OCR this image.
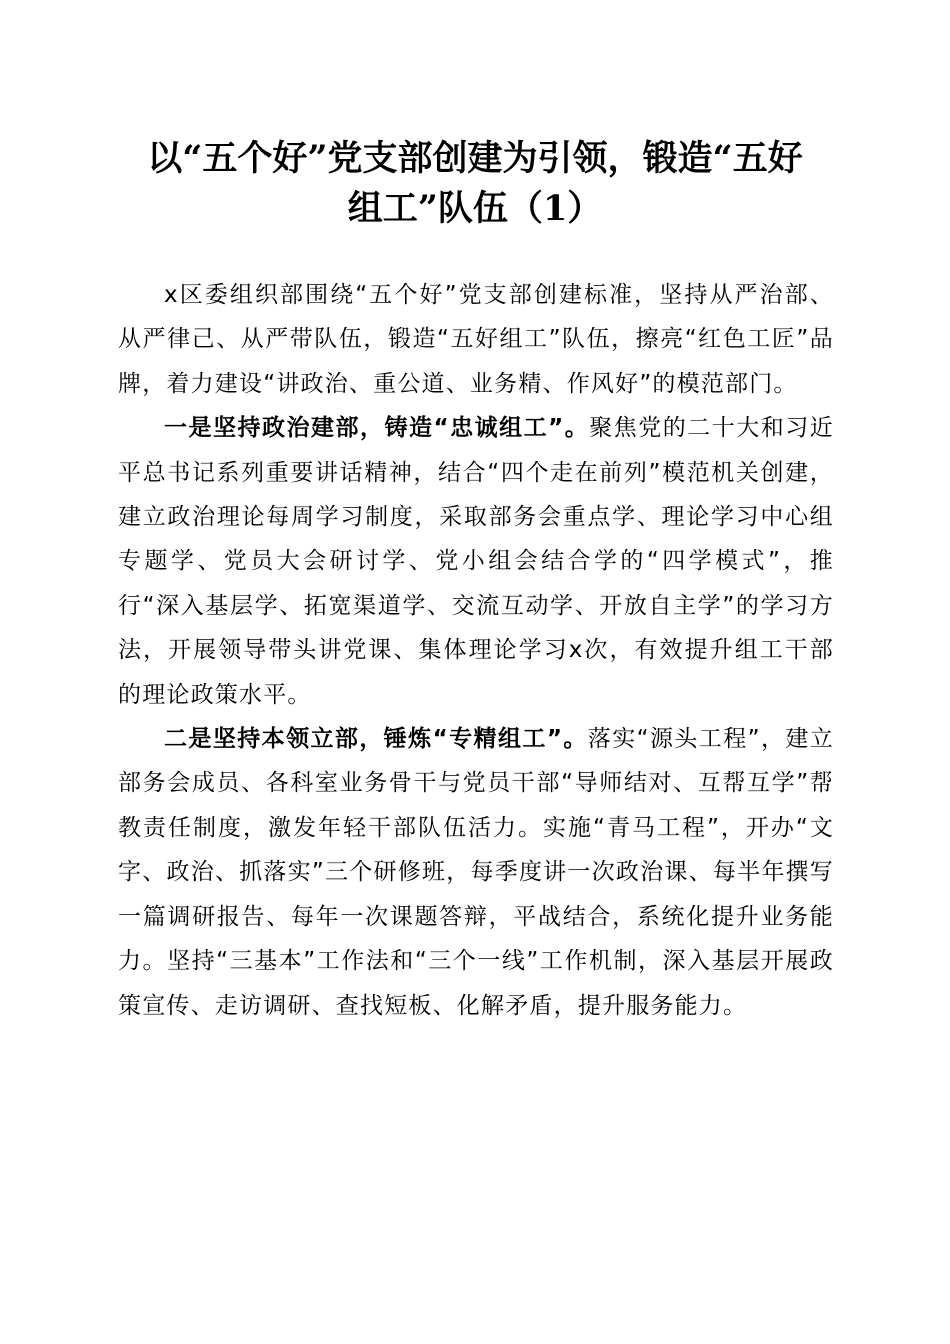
以“五个好”党支部创建为引领，锻造“五好
组工”队伍（1）

x区委组织部围绕“五个好”党支部创建标准，坚持从严治部、从严律己、从严带队伍，锻造“五好组工”队伍，擦亮“红色工匠”品牌，着力建设“讲政治、重公道、业务精、作风好”的模范部门。

一是坚持政治建部，铸造“忠诚组工”。聚焦党的二十大和习近平总书记系列重要讲话精神，结合“四个走在前列”模范机关创建，建立政治理论每周学习制度，采取部务会重点学、理论学习中心组专题学、党员大会研讨学、党小组会结合学的“四学模式”，推行“深入基层学、拓宽渠道学、交流互动学、开放自主学”的学习方法，开展领导带头讲党课、集体理论学习x次，有效提升组工干部的理论政策水平。

二是坚持本领立部，锤炼“专精组工”。落实“源头工程”，建立部务会成员、各科室业务骨干与党员干部“导师结对、互帮互学”帮教责任制度，激发年轻干部队伍活力。实施“青马工程”，开办“文字、政治、抓落实”三个研修班，每季度讲一次政治课、每半年撰写一篇调研报告、每年一次课题答辩，平战结合，系统化提升业务能力。坚持“三基本”工作法和“三个一线”工作机制，深入基层开展政策宣传、走访调研、查找短板、化解矛盾，提升服务能力。
